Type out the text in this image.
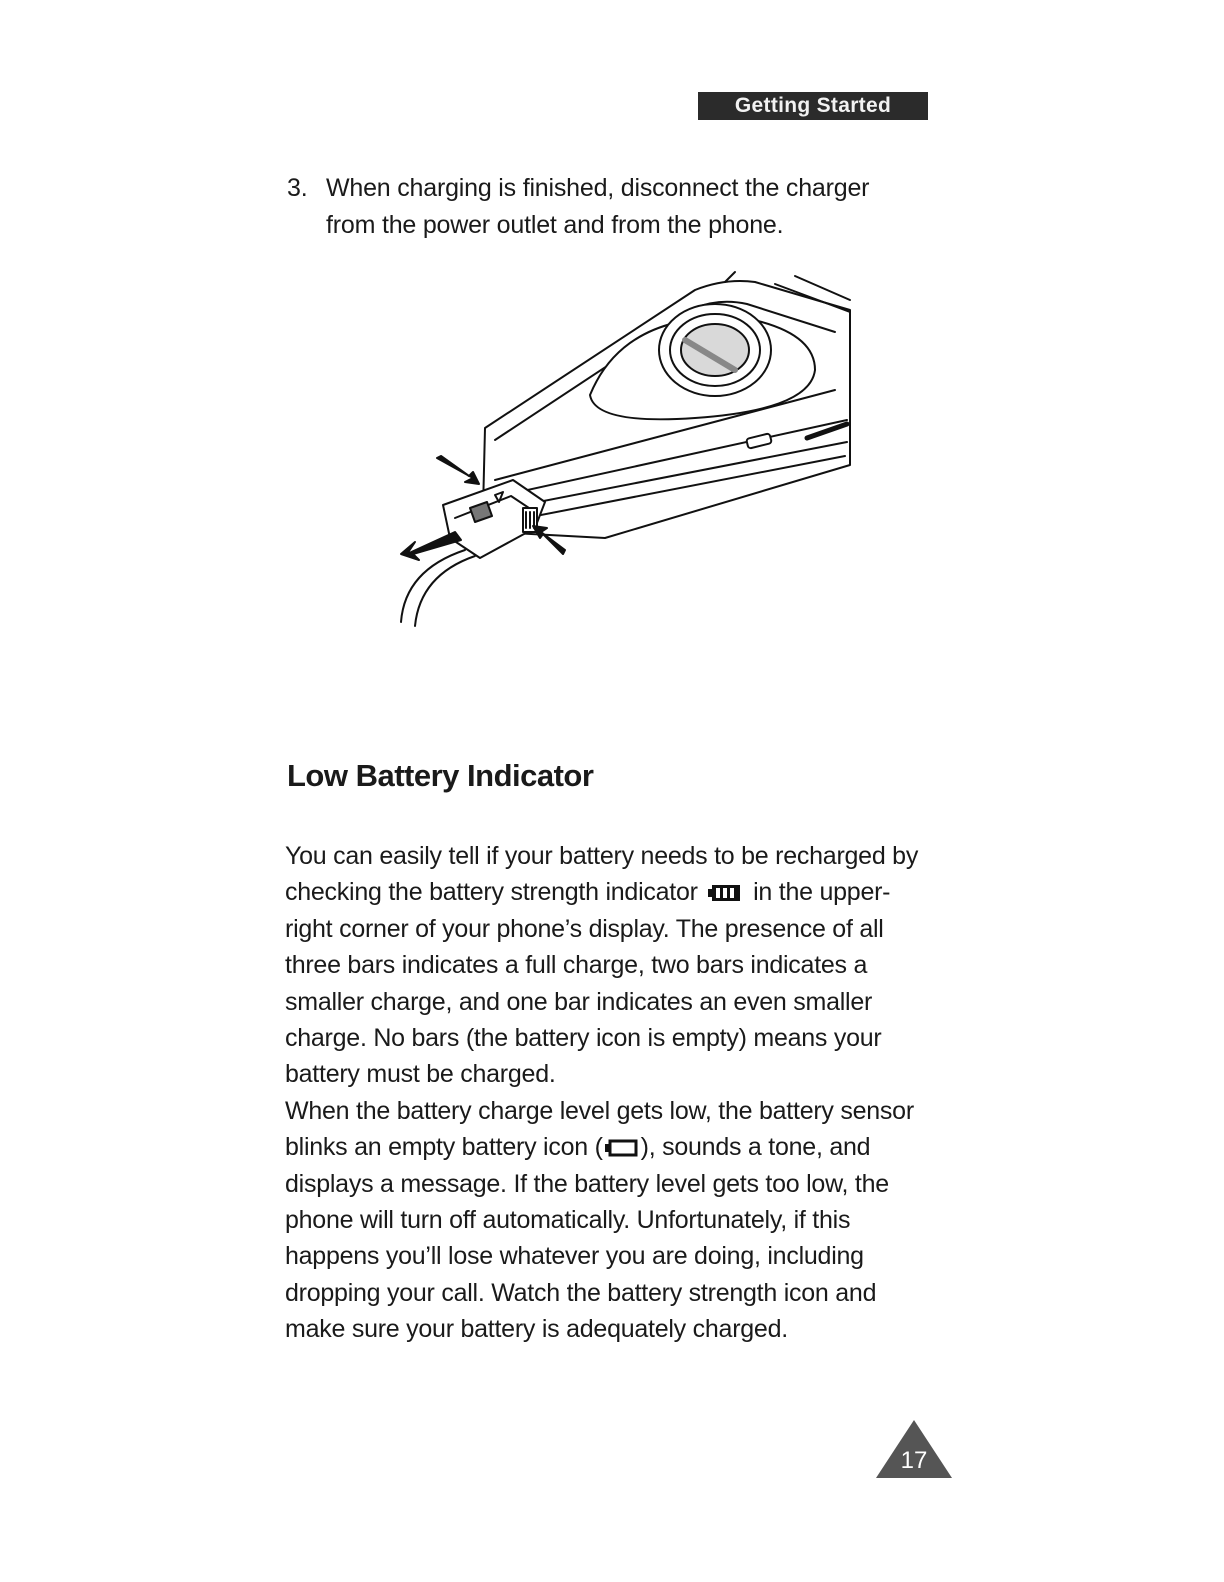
Getting Started
3. When charging is finished, disconnect the charger
from the power outlet and from the phone.
Low Battery Indicator

You can easily tell if your battery needs to be recharged by checking the battery strength indicator in the upper-right corner of your phone’s display. The presence of all three bars indicates a full charge, two bars indicates a smaller charge, and one bar indicates an even smaller charge. No bars (the battery icon is empty) means your battery must be charged.

When the battery charge level gets low, the battery sensor blinks an empty battery icon ( ), sounds a tone, and displays a message. If the battery level gets too low, the phone will turn off automatically. Unfortunately, if this happens you’ll lose whatever you are doing, including dropping your call. Watch the battery strength icon and make sure your battery is adequately charged.

17
